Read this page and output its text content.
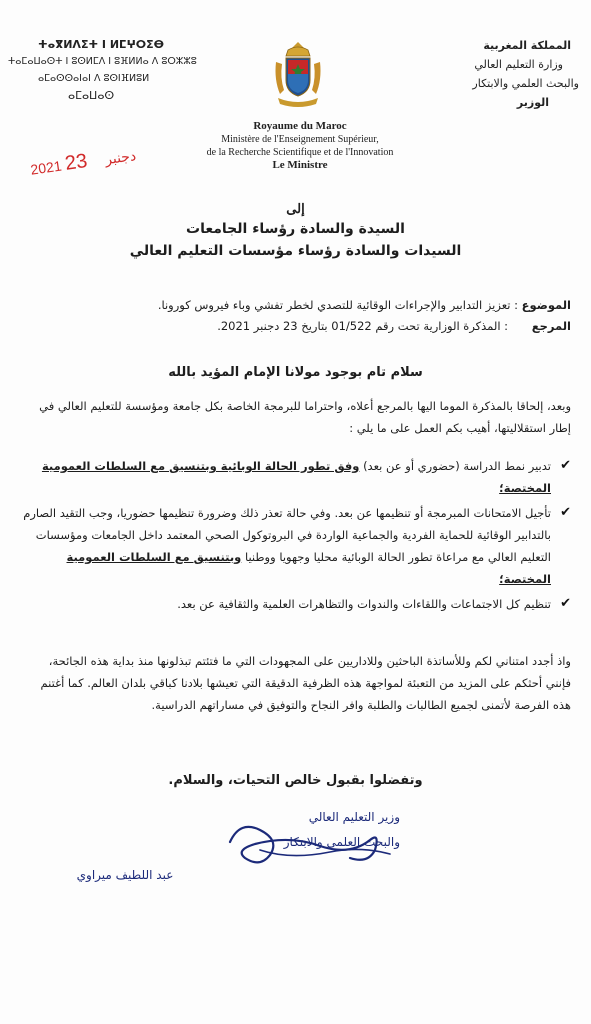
ⵜⴰⴳⵍⴷⵉⵜ ⵏ ⵍⵎⵖⵔⵉⴱ
ⵜⴰⵎⴰⵡⴰⵙⵜ ⵏ ⵓⵙⵍⵎⴷ ⵏ ⵓⴼⵍⵍⴰ ⴷ ⵓⵔⵣⵣⵓ
ⴰⵎⴰⵙⵙⴰⵏⴰⵏ ⴷ ⵓⵙⵏⴼⵍⵓⵍ
ⴰⵎⴰⵡⴰⵙ
المملكة المغربية
وزارة التعليم العالي
والبحث العلمي والابتكار
الوزير
Royaume du Maroc
Ministère de l'Enseignement Supérieur,
de la Recherche Scientifique et de l'Innovation
Le Ministre
2021 دجنبر 23
إلى
السيدة والسادة رؤساء الجامعات
السيدات والسادة رؤساء مؤسسات التعليم العالي
الموضوع : تعزيز التدابير والإجراءات الوقائية للتصدي لخطر تفشي وباء فيروس كورونا.
المرجع : المذكرة الوزارية تحت رقم 01/522 بتاريخ 23 دجنبر 2021.
سلام تام بوجود مولانا الإمام المؤيد بالله
وبعد، إلحاقا بالمذكرة الموما اليها بالمرجع أعلاه، واحتراما للبرمجة الخاصة بكل جامعة ومؤسسة للتعليم العالي في إطار استقلاليتها، أهيب بكم العمل على ما يلي :
✔
تدبير نمط الدراسة (حضوري أو عن بعد) وفق تطور الحالة الوبائية وبتنسيق مع السلطات العمومية المختصة؛
✔
تأجيل الامتحانات المبرمجة أو تنظيمها عن بعد. وفي حالة تعذر ذلك وضرورة تنظيمها حضوريا، وجب التقيد الصارم بالتدابير الوقائية للحماية الفردية والجماعية الواردة في البروتوكول الصحي المعتمد داخل الجامعات ومؤسسات التعليم العالي مع مراعاة تطور الحالة الوبائية محليا وجهويا ووطنيا وبتنسيق مع السلطات العمومية المختصة؛
✔
تنظيم كل الاجتماعات واللقاءات والندوات والتظاهرات العلمية والثقافية عن بعد.
واذ أجدد امتناني لكم وللأساتذة الباحثين وللاداريين على المجهودات التي ما فتئتم تبذلونها منذ بداية هذه الجائحة، فإنني أحثكم على المزيد من التعبئة لمواجهة هذه الظرفية الدقيقة التي تعيشها بلادنا كباقي بلدان العالم. كما أغتنم هذه الفرصة لأتمنى لجميع الطالبات والطلبة وافر النجاح والتوفيق في مساراتهم الدراسية.
وتفضلوا بقبول خالص التحيات، والسلام.
وزير التعليم العالي
والبحث العلمي والابتكار
عبد اللطيف ميراوي
